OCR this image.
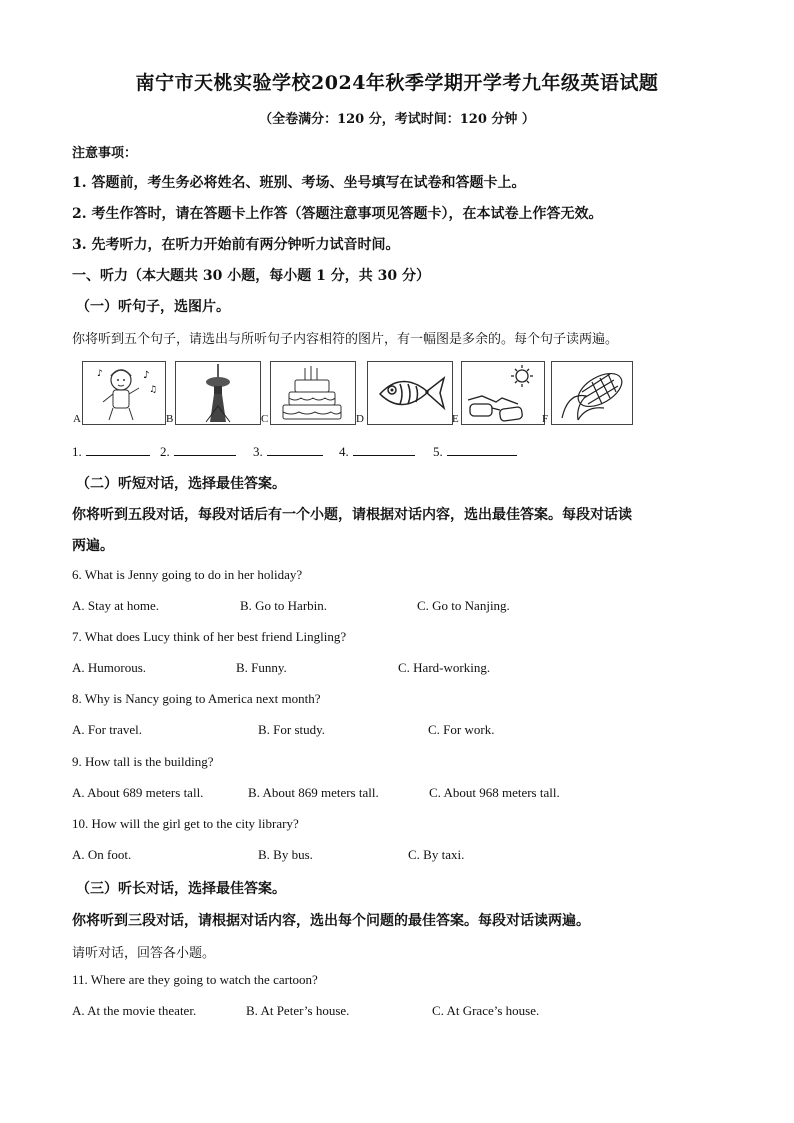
南宁市天桃实验学校2024年秋季学期开学考九年级英语试题
（全卷满分：120 分，考试时间：120 分钟 ）
注意事项：
1. 答题前，考生务必将姓名、班别、考场、坐号填写在试卷和答题卡上。
2. 考生作答时，请在答题卡上作答（答题注意事项见答题卡），在本试卷上作答无效。
3. 先考听力，在听力开始前有两分钟听力试音时间。
一、听力（本大题共 30 小题，每小题 1 分，共 30 分）
（一）听句子，选图片。
你将听到五个句子，请选出与所听句子内容相符的图片，有一幅图是多余的。每个句子读两遍。
♪
♫
♪
A	B	C	D	E	F
1.	2.	3.	4.	5.
（二）听短对话，选择最佳答案。
你将听到五段对话，每段对话后有一个小题，请根据对话内容，选出最佳答案。每段对话读
两遍。
6. What is Jenny going to do in her holiday?
A. Stay at home.	B. Go to Harbin.	C. Go to Nanjing.
7. What does Lucy think of her best friend Lingling?
A. Humorous.	B. Funny.	C. Hard-working.
8. Why is Nancy going to America next month?
A. For travel.	B. For study.	C. For work.
9. How tall is the building?
A. About 689 meters tall.	B. About 869 meters tall.	C. About 968 meters tall.
10. How will the girl get to the city library?
A. On foot.	B. By bus.	C. By taxi.
（三）听长对话，选择最佳答案。
你将听到三段对话，请根据对话内容，选出每个问题的最佳答案。每段对话读两遍。
请听对话，回答各小题。
11. Where are they going to watch the cartoon?
A. At the movie theater.	B. At Peter’s house.	C. At Grace’s house.
